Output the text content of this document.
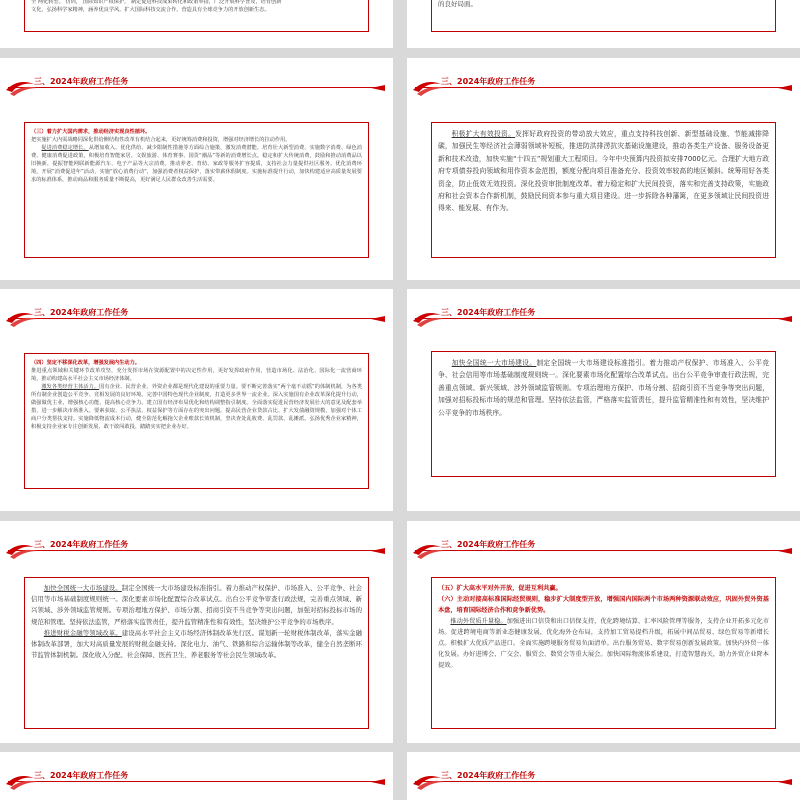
全 网化转型。 仂训， 国际知识产权保护， 制定促进科技成果转化和政策举措，广泛开展科学普及，培育创新

文化，弘扬科学家精神，涵养优良学风。扩大国际科技交流合作，营造具有全球竞争力的开放创新生态。

的良好局面。

三、2024年政府工作任务

（三）着力扩大国内需求，推动经济实现良性循环。

把实施扩大内需战略同深化供给侧结构性改革有机结合起来，更好统筹消费和投资，增强对经济增长的拉动作用。

促进消费稳定增长。从增加收入、优化供给、减少限制性措施等方面综合施策，激发消费潜能。培育壮大新型消费，实施数字消费、绿色消费、健康消费促进政策，积极培育智能家居、文娱旅游、体育赛事、国货“潮品”等新的消费增长点。稳定和扩大传统消费，鼓励和推动消费品以旧换新，提振智能网联新能源汽车、电子产品等大宗消费。推动养老、育幼、家政等服务扩容提质，支持社会力量提供社区服务。优化消费环境，开展“消费促进年”活动，实施“放心消费行动”，加强消费者权益保护，落实带薪休假制度。实施标准提升行动，加快构建适应高质量发展要求的标准体系，推动商品和服务质量不断提高，更好满足人民群众改善生活需要。

三、2024年政府工作任务

积极扩大有效投资。发挥好政府投资的带动放大效应，重点支持科技创新、新型基础设施、节能减排降碳，加强民生等经济社会薄弱领域补短板，推进防洪排涝抗灾基础设施建设，推动各类生产设备、服务设备更新和技术改造，加快实施“十四五”规划重大工程项目。今年中央预算内投资拟安排7000亿元。合理扩大地方政府专项债券投向领域和用作资本金范围，额度分配向项目准备充分、投资效率较高的地区倾斜。统筹用好各类资金，防止低效无效投资。深化投资审批制度改革。着力稳定和扩大民间投资，落实和完善支持政策，实施政府和社会资本合作新机制，鼓励民间资本参与重大项目建设。进一步拆除各种藩篱，在更多领域让民间投资进得来、能发展、有作为。

三、2024年政府工作任务

（四）坚定不移深化改革，增强发展内生动力。

推进重点领域和关键环节改革攻坚，充分发挥市场在资源配置中的决定性作用，更好发挥政府作用，营造市场化、法治化、国际化一流营商环境，推动构建高水平社会主义市场经济体制。

激发各类经营主体活力。国有企业、民营企业、外资企业都是现代化建设的重要力量。要不断完善落实“两个毫不动摇”的体制机制，为各类所有制企业创造公平竞争、竞相发展的良好环境。完善中国特色现代企业制度，打造更多世界一流企业。深入实施国有企业改革深化提升行动，做强做优主业，增强核心功能、提高核心竞争力。建立国有经济布局优化和结构调整指引制度。全面落实促进民营经济发展壮大的意见及配套举措，进一步解决市场准入、要素获取、公平执法、权益保护等方面存在的突出问题。提高民营企业贷款占比、扩大发债融资规模，加强对个体工商户分类帮扶支持。实施降低物流成本行动，健全防范化解拖欠企业账款长效机制，坚决查处乱收费、乱罚款、乱摊派。弘扬优秀企业家精神，积极支持企业家专注创新发展、敢干敢闯敢投、踏踏实实把企业办好。

三、2024年政府工作任务

加快全国统一大市场建设。制定全国统一大市场建设标准指引。着力推动产权保护、市场准入、公平竞争、社会信用等市场基础制度规则统一。深化要素市场化配置综合改革试点。出台公平竞争审查行政法规，完善重点领域、新兴领域、涉外领域监管规则。专项治理地方保护、市场分割、招商引资不当竞争等突出问题，加强对招标投标市场的规范和管理。坚持依法监管，严格落实监管责任，提升监管精准性和有效性，坚决维护公平竞争的市场秩序。

三、2024年政府工作任务

加快全国统一大市场建设。制定全国统一大市场建设标准指引。着力推动产权保护、市场准入、公平竞争、社会信用等市场基础制度规则统一。深化要素市场化配置综合改革试点。出台公平竞争审查行政法规，完善重点领域、新兴领域、涉外领域监管规则。专项治理地方保护、市场分割、招商引资不当竞争等突出问题，加强对招标投标市场的规范和管理。坚持依法监管，严格落实监管责任，提升监管精准性和有效性，坚决维护公平竞争的市场秩序。

推进财税金融等领域改革。建设高水平社会主义市场经济体制改革先行区。谋划新一轮财税体制改革，落实金融体制改革部署，加大对高质量发展的财税金融支持。深化电力、油气、铁路和综合运输体制等改革，健全自然垄断环节监管体制机制。深化收入分配、社会保障、医药卫生、养老服务等社会民生领域改革。

三、2024年政府工作任务

（五）扩大高水平对外开放，促进互利共赢。

（六）主动对接高标准国际经贸规则，稳步扩大制度型开放，增强国内国际两个市场两种资源联动效应，巩固外贸外资基本盘，培育国际经济合作和竞争新优势。

推动外贸质升量稳。加强进出口信贷和出口信保支持，优化跨境结算、汇率风险管理等服务，支持企业开拓多元化市场。促进跨境电商等新业态健康发展，优化海外仓布局，支持加工贸易提档升级，拓展中间品贸易、绿色贸易等新增长点。积极扩大优质产品进口。全面实施跨境服务贸易负面清单。出台服务贸易、数字贸易创新发展政策。加快内外贸一体化发展。办好进博会、广交会、服贸会、数贸会等重大展会。加快国际物流体系建设，打造智慧海关，助力外贸企业降本提效。

三、2024年政府工作任务	三、2024年政府工作任务
